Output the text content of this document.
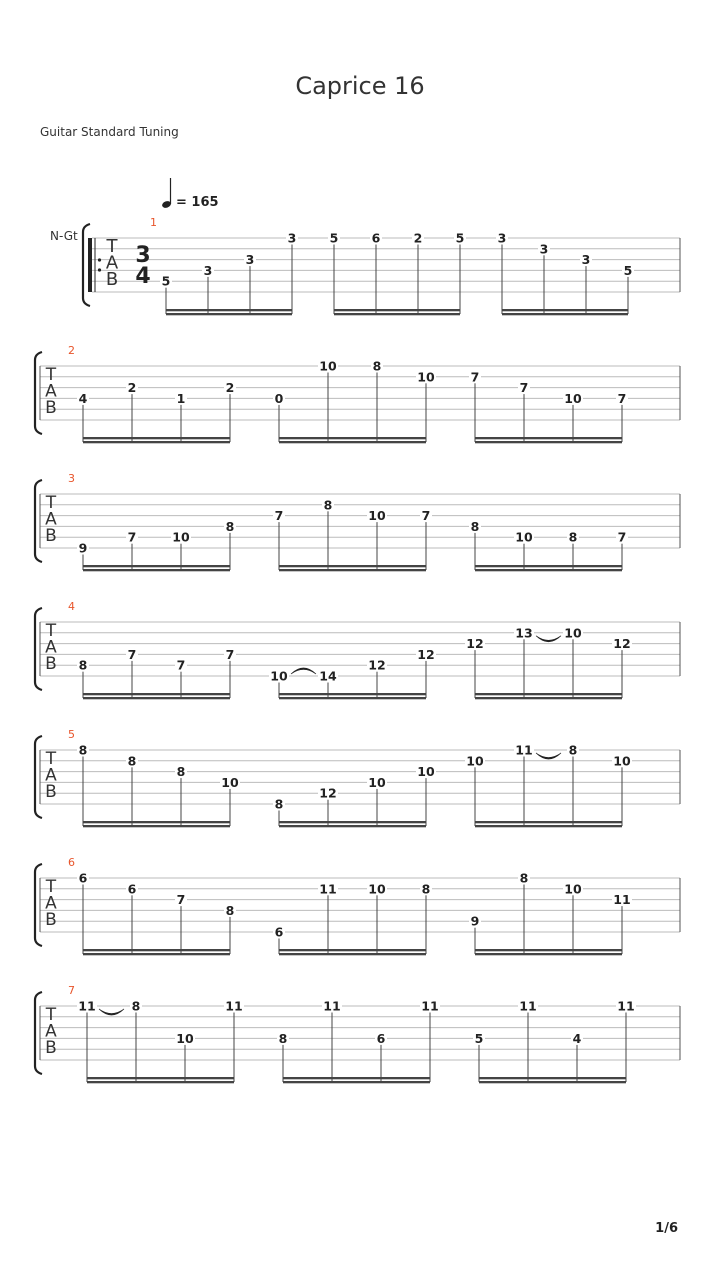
Caprice 16
Guitar Standard Tuning
= 165
N-Gt
1/6
T
A
B
3
4
1
5
3
3
3	5	6	2	5	3
3
3
5
T
A
B
2
4
2
1
2
0
10	8
10	7
7
10	7
T
A
B
3
9
7	10
8
7
8
10	7
8
10	8	7
T
A
B
4
8
7
7
7
10	14
12
12
12
13	10
12
T
A
B
5
8
8
8
10
8
12
10
10
10
11	8
10
T
A
B
6
6
6
7
8
6
11	10	8
9
8
10
11
T
A
B
7
11	8
10
11
8
11
6
11
5
11
4
11
